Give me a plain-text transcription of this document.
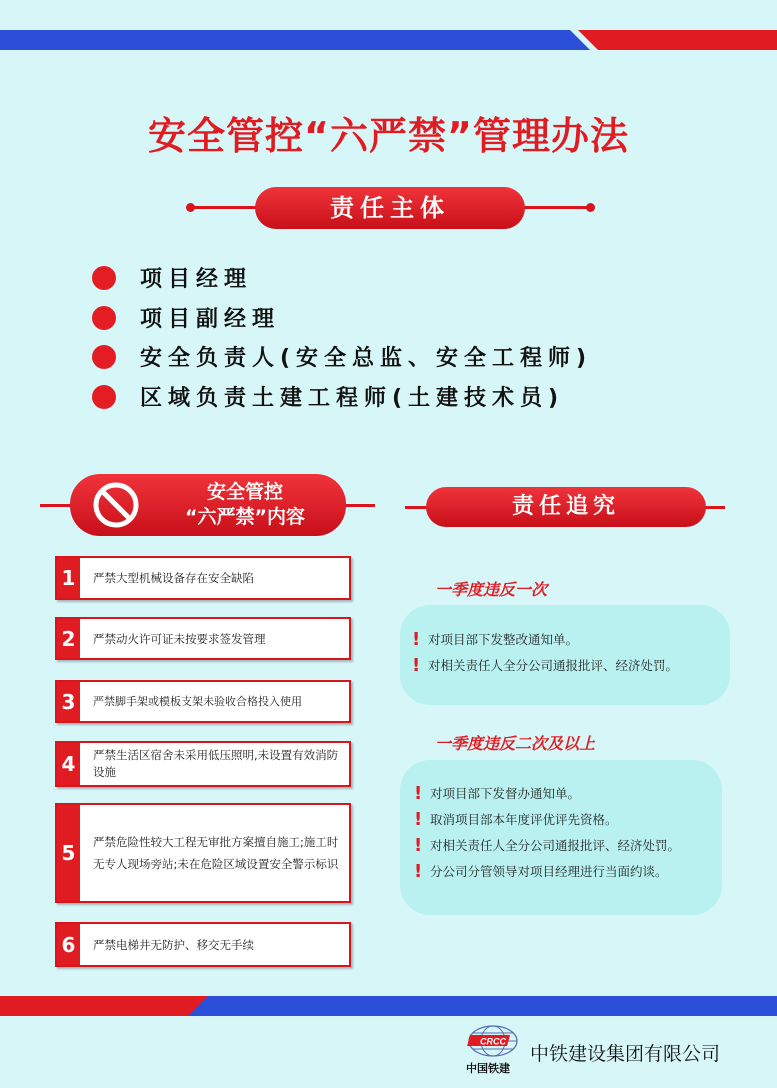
安全管控“六严禁”管理办法
责任主体
项目经理
项目副经理
安全负责人(安全总监、安全工程师)
区域负责土建工程师(土建技术员)
安全管控
“六严禁”内容
1	严禁大型机械设备存在安全缺陷
2	严禁动火许可证未按要求签发管理
3	严禁脚手架或模板支架未验收合格投入使用
4	严禁生活区宿舍未采用低压照明,未设置有效消防设施
5	严禁危险性较大工程无审批方案擅自施工;施工时无专人现场旁站;未在危险区域设置安全警示标识
6	严禁电梯井无防护、移交无手续
责任追究
一季度违反一次
! 对项目部下发整改通知单。
! 对相关责任人全分公司通报批评、经济处罚。
一季度违反二次及以上
! 对项目部下发督办通知单。
! 取消项目部本年度评优评先资格。
! 对相关责任人全分公司通报批评、经济处罚。
! 分公司分管领导对项目经理进行当面约谈。
CRCC
中国铁建
中铁建设集团有限公司
